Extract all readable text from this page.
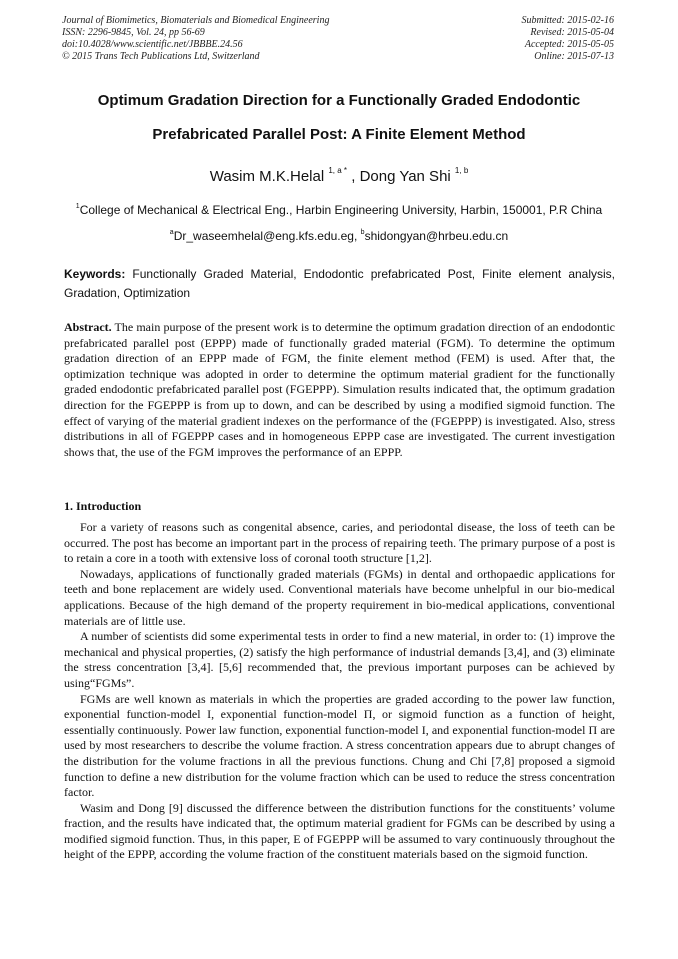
Journal of Biomimetics, Biomaterials and Biomedical Engineering
ISSN: 2296-9845, Vol. 24, pp 56-69
doi:10.4028/www.scientific.net/JBBBE.24.56
© 2015 Trans Tech Publications Ltd, Switzerland
Submitted: 2015-02-16
Revised: 2015-05-04
Accepted: 2015-05-05
Online: 2015-07-13
Optimum Gradation Direction for a Functionally Graded Endodontic
Prefabricated Parallel Post: A Finite Element Method
Wasim M.K.Helal $^{1, a *}$ , Dong Yan Shi $^{1, b}$
$^1$College of Mechanical & Electrical Eng., Harbin Engineering University, Harbin, 150001, P.R China
$^a$Dr_waseemhelal@eng.kfs.edu.eg, $^b$shidongyan@hrbeu.edu.cn
Keywords: Functionally Graded Material, Endodontic prefabricated Post, Finite element analysis, Gradation, Optimization
Abstract. The main purpose of the present work is to determine the optimum gradation direction of an endodontic prefabricated parallel post (EPPP) made of functionally graded material (FGM). To determine the optimum gradation direction of an EPPP made of FGM, the finite element method (FEM) is used. After that, the optimization technique was adopted in order to determine the optimum material gradient for the functionally graded endodontic prefabricated parallel post (FGEPPP). Simulation results indicated that, the optimum gradation direction for the FGEPPP is from up to down, and can be described by using a modified sigmoid function. The effect of varying of the material gradient indexes on the performance of the (FGEPPP) is investigated. Also, stress distributions in all of FGEPPP cases and in homogeneous EPPP case are investigated. The current investigation shows that, the use of the FGM improves the performance of an EPPP.
1. Introduction

For a variety of reasons such as congenital absence, caries, and periodontal disease, the loss of teeth can be occurred. The post has become an important part in the process of repairing teeth. The primary purpose of a post is to retain a core in a tooth with extensive loss of coronal tooth structure [1,2].

Nowadays, applications of functionally graded materials (FGMs) in dental and orthopaedic applications for teeth and bone replacement are widely used. Conventional materials have become unhelpful in our bio-medical applications. Because of the high demand of the property requirement in bio-medical applications, conventional materials are of little use.

A number of scientists did some experimental tests in order to find a new material, in order to: (1) improve the mechanical and physical properties, (2) satisfy the high performance of industrial demands [3,4], and (3) eliminate the stress concentration [3,4]. [5,6] recommended that, the previous important purposes can be achieved by using“FGMs”.

FGMs are well known as materials in which the properties are graded according to the power law function, exponential function-model I, exponential function-model Π, or sigmoid function as a function of height, essentially continuously. Power law function, exponential function-model I, and exponential function-model Π are used by most researchers to describe the volume fraction. A stress concentration appears due to abrupt changes of the distribution for the volume fractions in all the previous functions. Chung and Chi [7,8] proposed a sigmoid function to define a new distribution for the volume fraction which can be used to reduce the stress concentration factor.

Wasim and Dong [9] discussed the difference between the distribution functions for the constituents’ volume fraction, and the results have indicated that, the optimum material gradient for FGMs can be described by using a modified sigmoid function. Thus, in this paper, E of FGEPPP will be assumed to vary continuously throughout the height of the EPPP, according the volume fraction of the constituent materials based on the sigmoid function.
